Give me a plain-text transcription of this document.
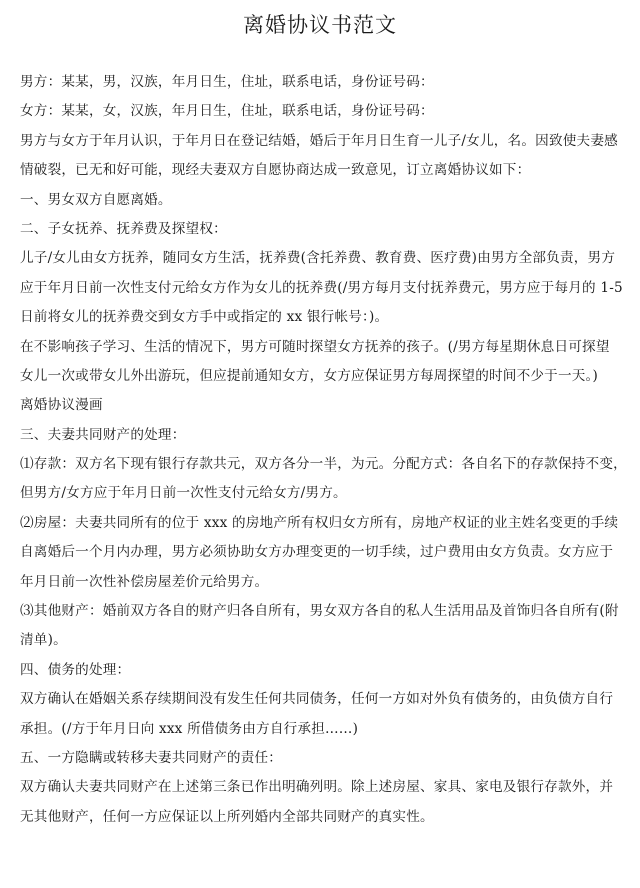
离婚协议书范文
男方：某某，男，汉族，年月日生，住址，联系电话，身份证号码：
女方：某某，女，汉族，年月日生，住址，联系电话，身份证号码：
男方与女方于年月认识，于年月日在登记结婚，婚后于年月日生育一儿子/女儿，名。因致使夫妻感
情破裂，已无和好可能，现经夫妻双方自愿协商达成一致意见，订立离婚协议如下：
一、男女双方自愿离婚。
二、子女抚养、抚养费及探望权：
儿子/女儿由女方抚养，随同女方生活，抚养费(含托养费、教育费、医疗费)由男方全部负责，男方
应于年月日前一次性支付元给女方作为女儿的抚养费(/男方每月支付抚养费元，男方应于每月的 1-5
日前将女儿的抚养费交到女方手中或指定的 xx 银行帐号：)。
在不影响孩子学习、生活的情况下，男方可随时探望女方抚养的孩子。(/男方每星期休息日可探望
女儿一次或带女儿外出游玩，但应提前通知女方，女方应保证男方每周探望的时间不少于一天。)
离婚协议漫画
三、夫妻共同财产的处理：
⑴存款：双方名下现有银行存款共元，双方各分一半，为元。分配方式：各自名下的存款保持不变，
但男方/女方应于年月日前一次性支付元给女方/男方。
⑵房屋：夫妻共同所有的位于 xxx 的房地产所有权归女方所有，房地产权证的业主姓名变更的手续
自离婚后一个月内办理，男方必须协助女方办理变更的一切手续，过户费用由女方负责。女方应于
年月日前一次性补偿房屋差价元给男方。
⑶其他财产：婚前双方各自的财产归各自所有，男女双方各自的私人生活用品及首饰归各自所有(附
清单)。
四、债务的处理：
双方确认在婚姻关系存续期间没有发生任何共同债务，任何一方如对外负有债务的，由负债方自行
承担。(/方于年月日向 xxx 所借债务由方自行承担……)
五、一方隐瞒或转移夫妻共同财产的责任：
双方确认夫妻共同财产在上述第三条已作出明确列明。除上述房屋、家具、家电及银行存款外，并
无其他财产，任何一方应保证以上所列婚内全部共同财产的真实性。
